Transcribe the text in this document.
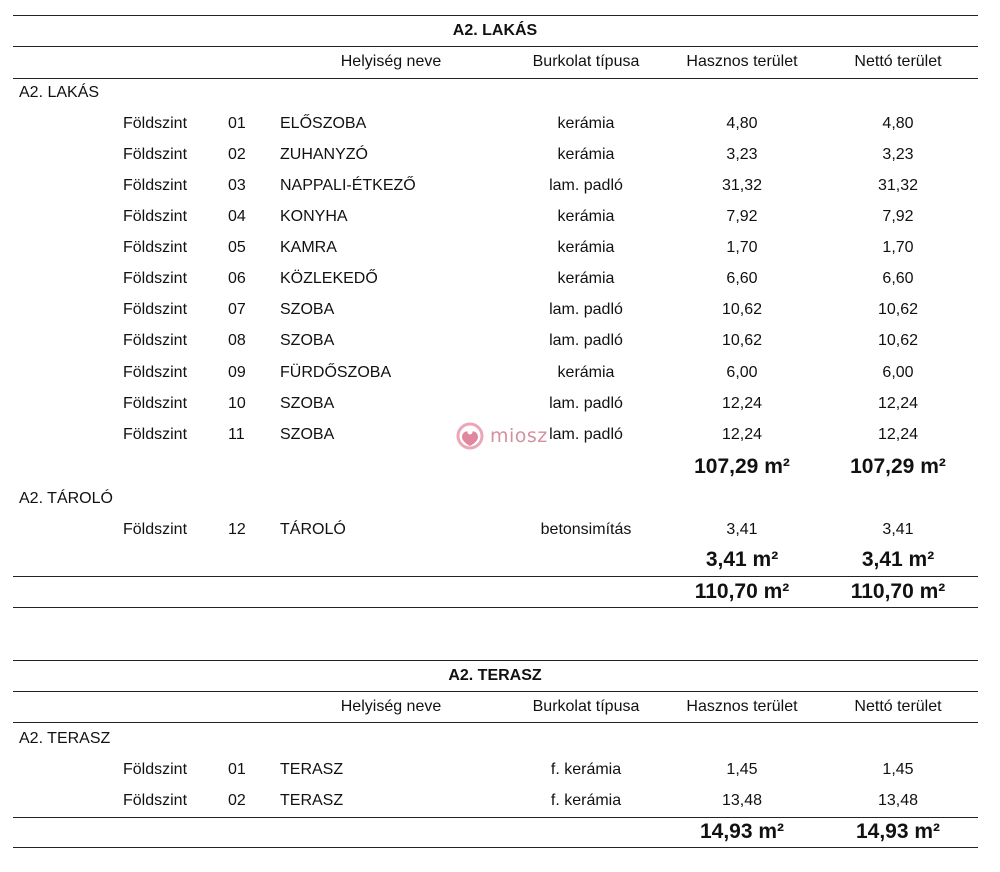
A2. LAKÁS
Helyiség neve	Burkolat típusa	Hasznos terület	Nettó terület
A2. LAKÁS
Földszint	01 ELŐSZOBA	kerámia	4,80	4,80
Földszint	02 ZUHANYZÓ	kerámia	3,23	3,23
Földszint	03 NAPPALI-ÉTKEZŐ	lam. padló	31,32	31,32
Földszint	04 KONYHA	kerámia	7,92	7,92
Földszint	05 KAMRA	kerámia	1,70	1,70
Földszint	06 KÖZLEKEDŐ	kerámia	6,60	6,60
Földszint	07 SZOBA	lam. padló	10,62	10,62
Földszint	08 SZOBA	lam. padló	10,62	10,62
Földszint	09 FÜRDŐSZOBA	kerámia	6,00	6,00
Földszint	10 SZOBA	lam. padló	12,24	12,24
Földszint	11 SZOBA	lam. padló	12,24	12,24
107,29 m²	107,29 m²
A2. TÁROLÓ
Földszint	12 TÁROLÓ	betonsimítás	3,41	3,41
3,41 m²	3,41 m²
110,70 m²	110,70 m²
A2. TERASZ
Helyiség neve	Burkolat típusa	Hasznos terület	Nettó terület
A2. TERASZ
Földszint	01 TERASZ	f. kerámia	1,45	1,45
Földszint	02 TERASZ	f. kerámia	13,48	13,48
14,93 m²	14,93 m²
miosz
